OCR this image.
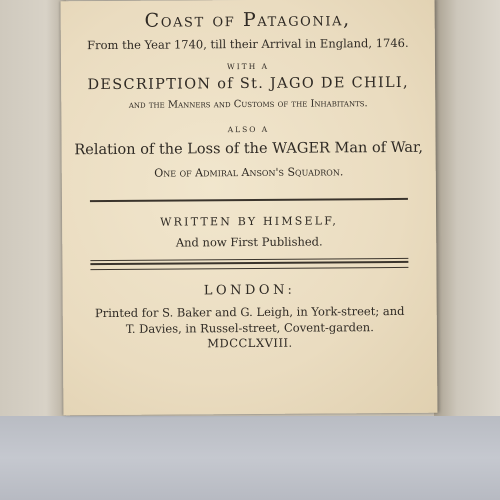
Coast of Patagonia,
From the Year 1740, till their Arrival in England, 1746.
WITH A
DESCRIPTION of St. JAGO DE CHILI,
and the Manners and Customs of the Inhabitants.
ALSO A
Relation of the Loss of the WAGER Man of War,
One of Admiral Anson's Squadron.
WRITTEN BY HIMSELF,
And now First Published.
LONDON:
Printed for S. Baker and G. Leigh, in York-street; and
T. Davies, in Russel-street, Covent-garden.
MDCCLXVIII.
